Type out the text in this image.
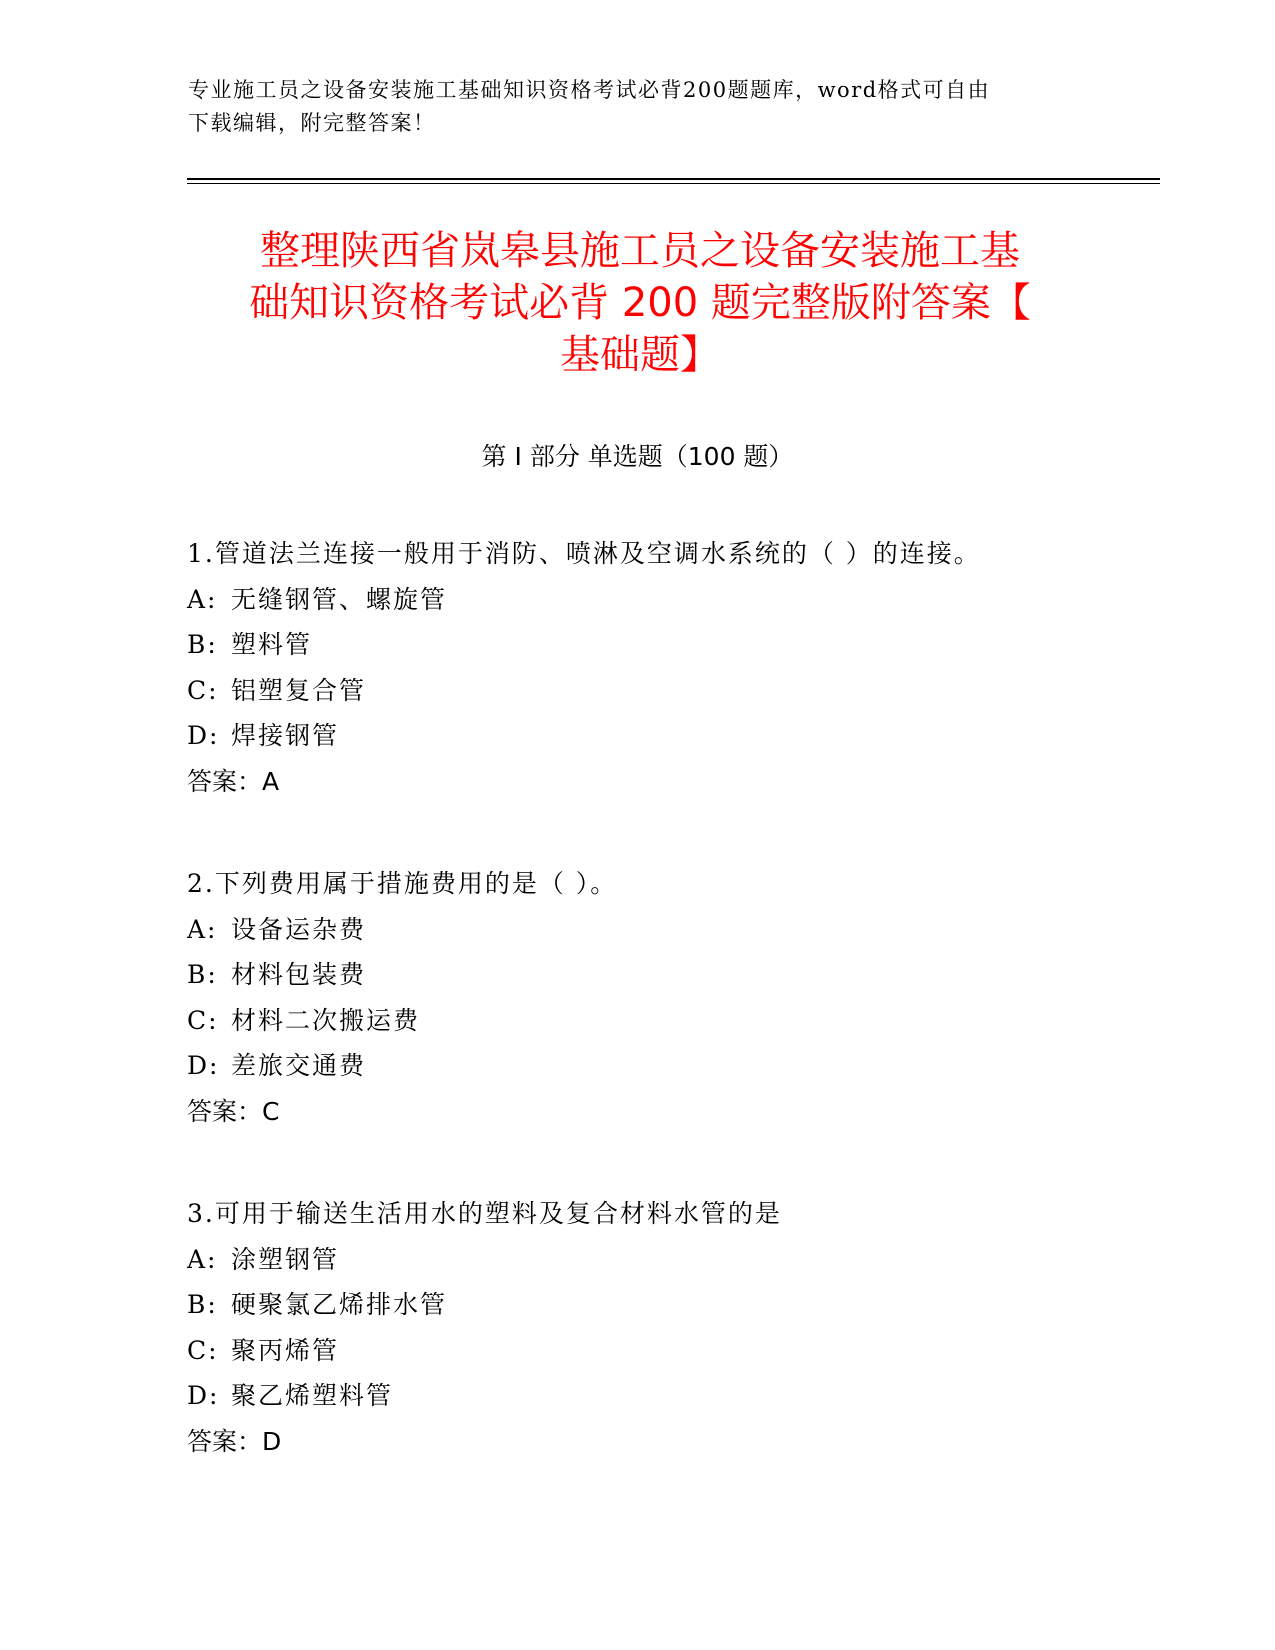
专业施工员之设备安装施工基础知识资格考试必背200题题库，word格式可自由
下载编辑，附完整答案！
整理陕西省岚皋县施工员之设备安装施工基
础知识资格考试必背 200 题完整版附答案【
基础题】
第 I 部分 单选题（100 题）
1.管道法兰连接一般用于消防、喷淋及空调水系统的（ ）的连接。
A: 无缝钢管、螺旋管
B: 塑料管
C: 铝塑复合管
D: 焊接钢管
答案：A
2.下列费用属于措施费用的是（ ）。
A: 设备运杂费
B: 材料包装费
C: 材料二次搬运费
D: 差旅交通费
答案：C
3.可用于输送生活用水的塑料及复合材料水管的是
A: 涂塑钢管
B: 硬聚氯乙烯排水管
C: 聚丙烯管
D: 聚乙烯塑料管
答案：D
